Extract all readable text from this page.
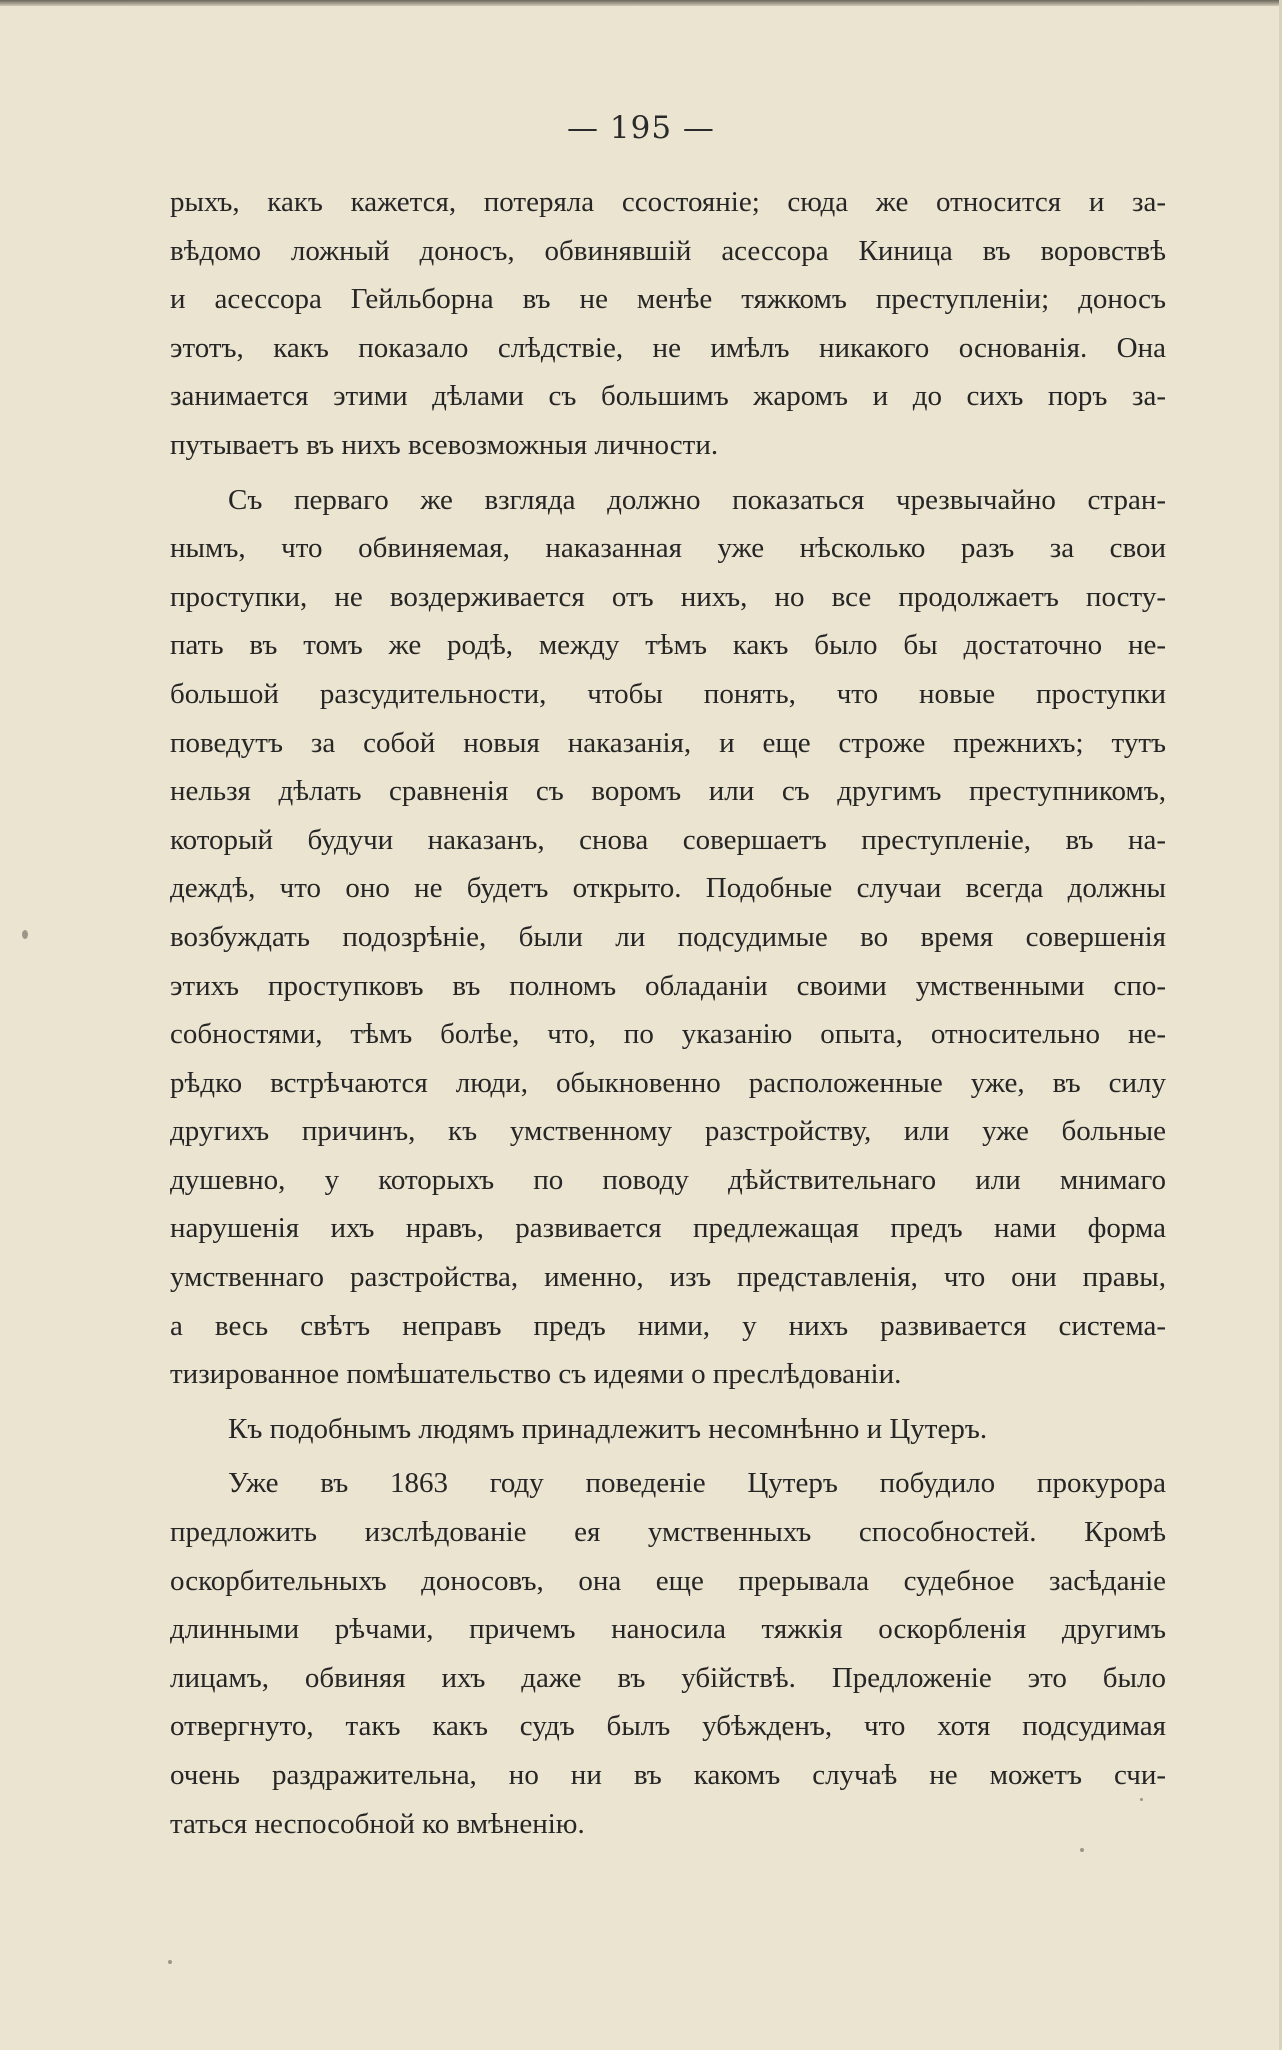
— 195 —
рыхъ, какъ кажется, потеряла ссостоянiе; сюда же относится и за-
вѣдомо ложный доносъ, обвинявшiй асессора Киница въ воровствѣ
и асессора Гейльборна въ не менѣе тяжкомъ преступленiи; доносъ
этотъ, какъ показало слѣдствiе, не имѣлъ никакого основанiя. Она
занимается этими дѣлами съ большимъ жаромъ и до сихъ поръ за-
путываетъ въ нихъ всевозможныя личности.
Съ перваго же взгляда должно показаться чрезвычайно стран-
нымъ, что обвиняемая, наказанная уже нѣсколько разъ за свои
проступки, не воздерживается отъ нихъ, но все продолжаетъ посту-
пать въ томъ же родѣ, между тѣмъ какъ было бы достаточно не-
большой разсудительности, чтобы понять, что новые проступки
поведутъ за собой новыя наказанiя, и еще строже прежнихъ; тутъ
нельзя дѣлать сравненiя съ воромъ или съ другимъ преступникомъ,
который будучи наказанъ, снова совершаетъ преступленiе, въ на-
деждѣ, что оно не будетъ открыто. Подобные случаи всегда должны
возбуждать подозрѣнiе, были ли подсудимые во время совершенiя
этихъ проступковъ въ полномъ обладанiи своими умственными спо-
собностями, тѣмъ болѣе, что, по указанiю опыта, относительно не-
рѣдко встрѣчаются люди, обыкновенно расположенные уже, въ силу
другихъ причинъ, къ умственному разстройству, или уже больные
душевно, у которыхъ по поводу дѣйствительнаго или мнимаго
нарушенiя ихъ нравъ, развивается предлежащая предъ нами форма
умственнаго разстройства, именно, изъ представленiя, что они правы,
а весь свѣтъ неправъ предъ ними, у нихъ развивается система-
тизированное помѣшательство съ идеями о преслѣдованiи.
Къ подобнымъ людямъ принадлежитъ несомнѣнно и Цутеръ.
Уже въ 1863 году поведенiе Цутеръ побудило прокурора
предложить изслѣдованiе ея умственныхъ способностей. Кромѣ
оскорбительныхъ доносовъ, она еще прерывала судебное засѣданiе
длинными рѣчами, причемъ наносила тяжкiя оскорбленiя другимъ
лицамъ, обвиняя ихъ даже въ убiйствѣ. Предложенiе это было
отвергнуто, такъ какъ судъ былъ убѣжденъ, что хотя подсудимая
очень раздражительна, но ни въ какомъ случаѣ не можетъ счи-
таться неспособной ко вмѣненiю.
